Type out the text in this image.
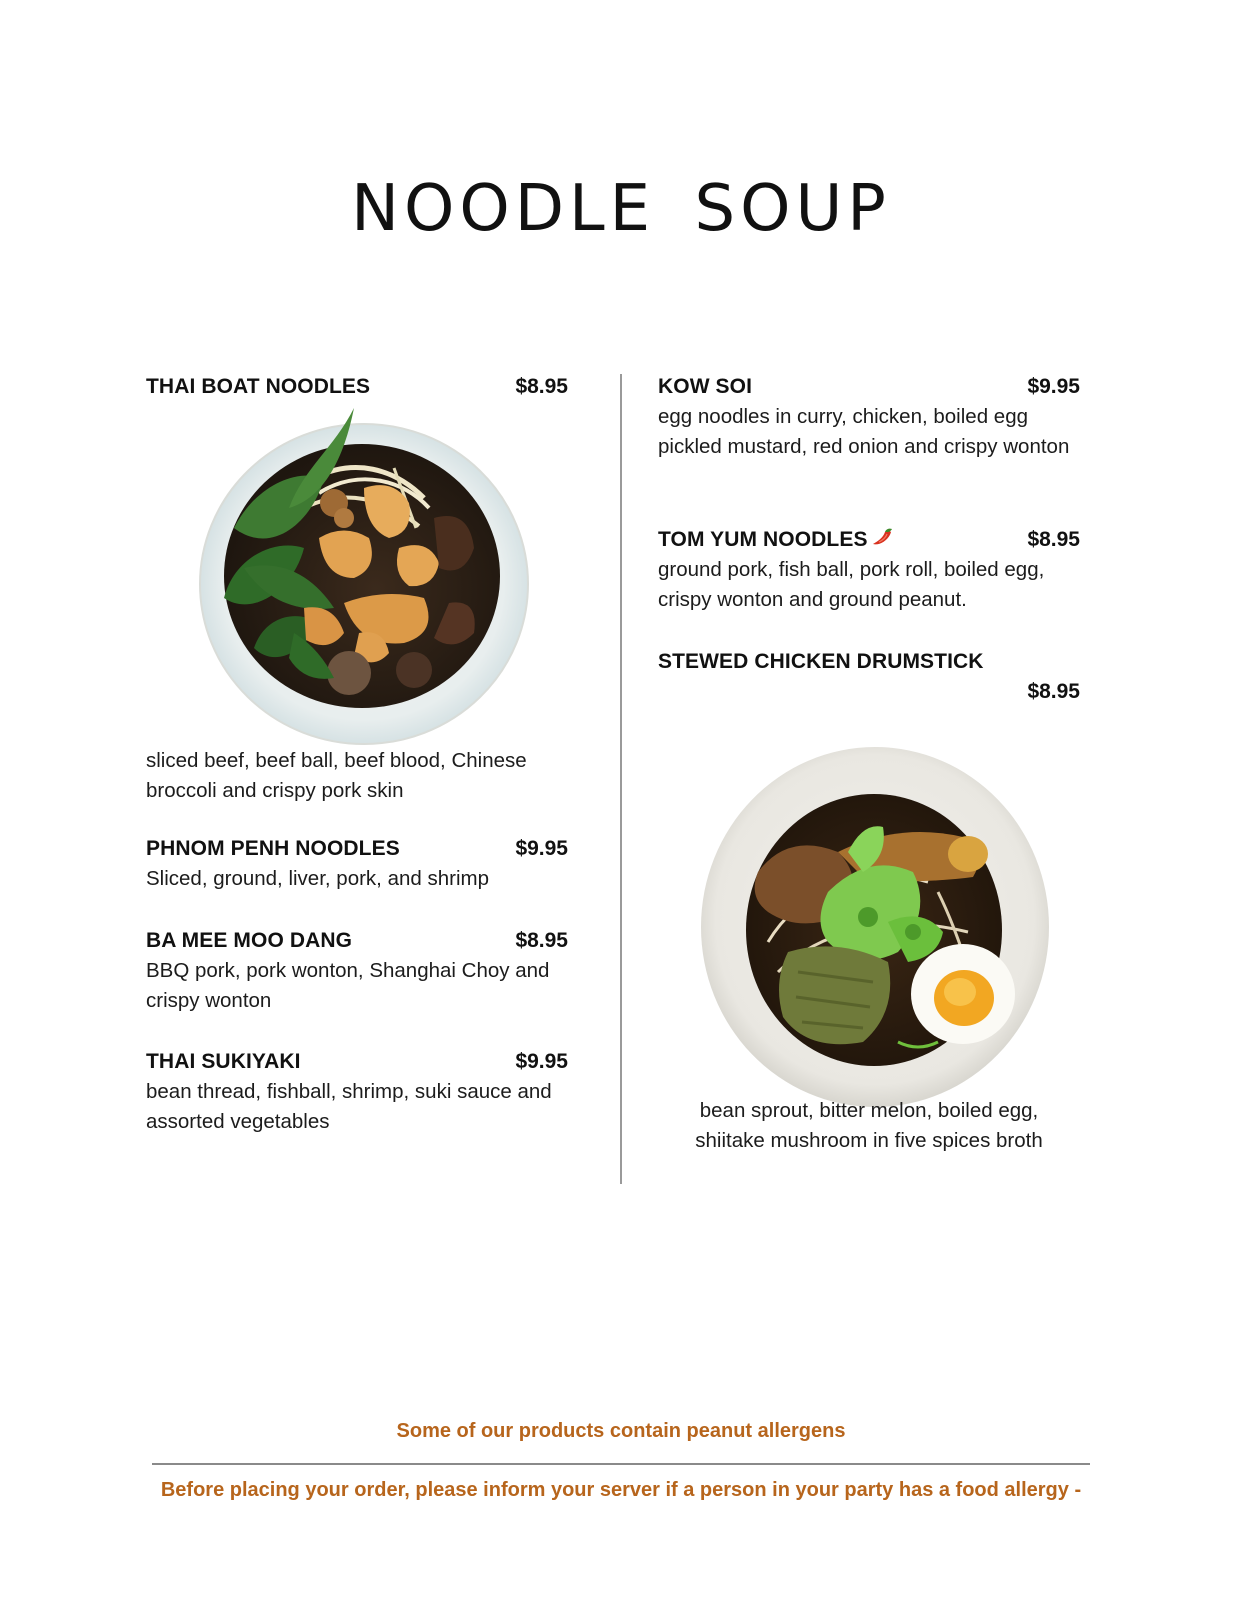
NOODLE SOUP
THAI BOAT NOODLES	$8.95
sliced beef, beef ball, beef blood, Chinese broccoli and crispy pork skin
PHNOM PENH NOODLES	$9.95
Sliced, ground, liver, pork, and shrimp
BA MEE MOO DANG	$8.95
BBQ pork, pork wonton, Shanghai Choy and crispy wonton
THAI SUKIYAKI	$9.95
bean thread, fishball, shrimp, suki sauce and assorted vegetables
KOW SOI	$9.95
egg noodles in curry, chicken, boiled egg pickled mustard, red onion and crispy wonton
TOM YUM NOODLES	$8.95
ground pork, fish ball, pork roll, boiled egg, crispy wonton and ground peanut.
STEWED CHICKEN DRUMSTICK
$8.95
bean sprout, bitter melon, boiled egg, shiitake mushroom in five spices broth
Some of our products contain peanut allergens
Before placing your order, please inform your server if a person in your party has a food allergy -
